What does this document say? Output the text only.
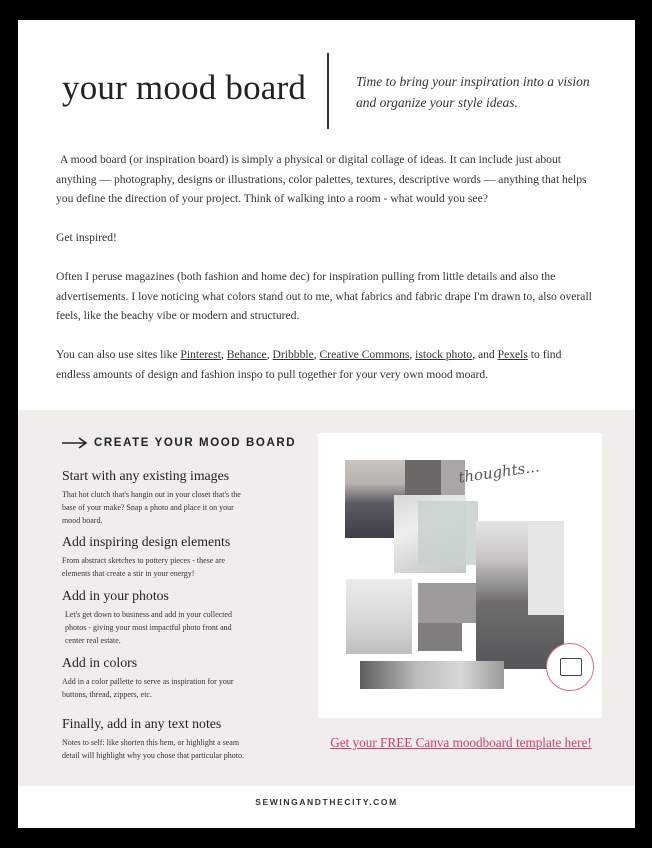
your mood board	Time to bring your inspiration into a vision and organize your style ideas.

A mood board (or inspiration board) is simply a physical or digital collage of ideas. It can include just about anything — photography, designs or illustrations, color palettes, textures, descriptive words — anything that helps you define the direction of your project. Think of walking into a room - what would you see?

Get inspired!

Often I peruse magazines (both fashion and home dec) for inspiration pulling from little details and also the advertisements. I love noticing what colors stand out to me, what fabrics and fabric drape I'm drawn to, also overall feels, like the beachy vibe or modern and structured.

You can also use sites like Pinterest, Behance, Dribbble, Creative Commons, istock photo, and Pexels to find endless amounts of design and fashion inspo to pull together for your very own mood moard.

CREATE YOUR MOOD BOARD
Start with any existing images

That hot clutch that's hangin out in your closet that's the base of your make? Snap a photo and place it on your mood board.

Add inspiring design elements

From abstract sketches to pottery pieces - these are elements that create a stir in your energy!

Add in your photos

Let's get down to business and add in your collected photos - giving your most impactful photo front and center real estate.

Add in colors

Add in a color pallette to serve as inspiration for your buttons, thread, zippers, etc.

Finally, add in any text notes

Notes to self: like shorten this hem, or highlight a seam detail will highlight why you chose that particular photo.

thoughts...
Get your FREE Canva moodboard template here!
SEWINGANDTHECITY.COM
